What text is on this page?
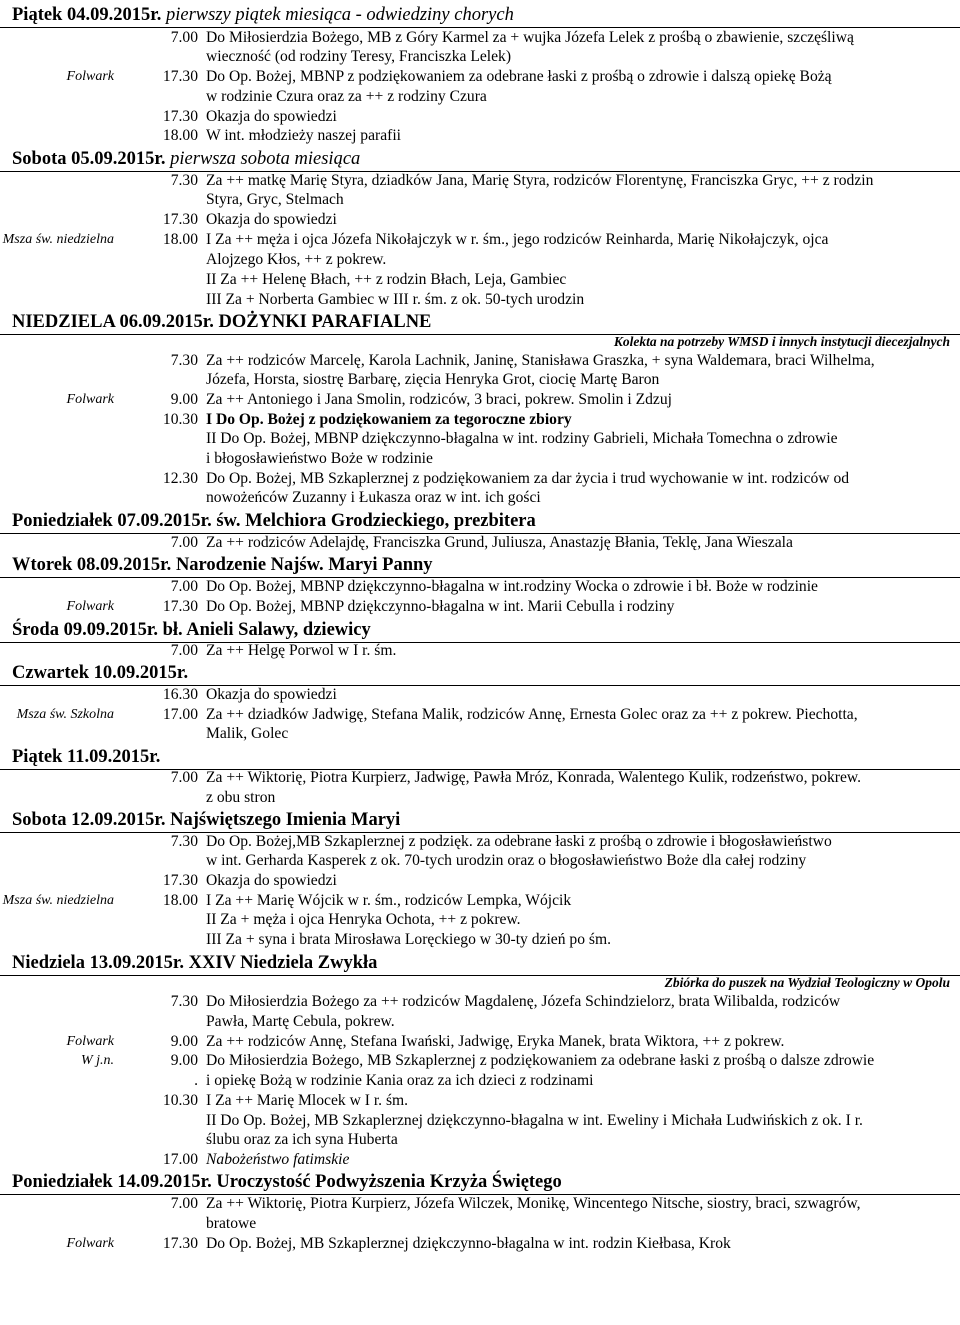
Piątek 04.09.2015r. pierwszy piątek miesiąca - odwiedziny chorych
7.00 Do Miłosierdzia Bożego, MB z Góry Karmel za + wujka Józefa Lelek z prośbą o zbawienie, szczęśliwą
wieczność (od rodziny Teresy, Franciszka Lelek)
Folwark	17.30 Do Op. Bożej, MBNP z podziękowaniem za odebrane łaski z prośbą o zdrowie i dalszą opiekę Bożą
w rodzinie Czura oraz za ++ z rodziny Czura
17.30 Okazja do spowiedzi
18.00 W int. młodzieży naszej parafii
Sobota 05.09.2015r. pierwsza sobota miesiąca
7.30 Za ++ matkę Marię Styra, dziadków Jana, Marię Styra, rodziców Florentynę, Franciszka Gryc, ++ z rodzin
Styra, Gryc, Stelmach
17.30 Okazja do spowiedzi
Msza św. niedzielna	18.00 I Za ++ męża i ojca Józefa Nikołajczyk w r. śm., jego rodziców Reinharda, Marię Nikołajczyk, ojca
Alojzego Kłos, ++ z pokrew.
II Za ++ Helenę Błach, ++ z rodzin Błach, Leja, Gambiec
III Za + Norberta Gambiec w III r. śm. z ok. 50-tych urodzin
NIEDZIELA 06.09.2015r. DOŻYNKI PARAFIALNE
Kolekta na potrzeby WMSD i innych instytucji diecezjalnych
7.30 Za ++ rodziców Marcelę, Karola Lachnik, Janinę, Stanisława Graszka, + syna Waldemara, braci Wilhelma,
Józefa, Horsta, siostrę Barbarę, zięcia Henryka Grot, ciocię Martę Baron
Folwark	9.00 Za ++ Antoniego i Jana Smolin, rodziców, 3 braci, pokrew. Smolin i Zdzuj
10.30 I Do Op. Bożej z podziękowaniem za tegoroczne zbiory
II Do Op. Bożej, MBNP dziękczynno-błagalna w int. rodziny Gabrieli, Michała Tomechna o zdrowie
i błogosławieństwo Boże w rodzinie
12.30 Do Op. Bożej, MB Szkaplerznej z podziękowaniem za dar życia i trud wychowanie w int. rodziców od
nowożeńców Zuzanny i Łukasza oraz w int. ich gości
Poniedziałek 07.09.2015r. św. Melchiora Grodzieckiego, prezbitera
7.00 Za ++ rodziców Adelajdę, Franciszka Grund, Juliusza, Anastazję Błania, Teklę, Jana Wieszala
Wtorek 08.09.2015r. Narodzenie Najśw. Maryi Panny
7.00 Do Op. Bożej, MBNP dziękczynno-błagalna w int.rodziny Wocka o zdrowie i bł. Boże w rodzinie
Folwark	17.30 Do Op. Bożej, MBNP dziękczynno-błagalna w int. Marii Cebulla i rodziny
Środa 09.09.2015r. bł. Anieli Salawy, dziewicy
7.00 Za ++ Helgę Porwol w I r. śm.
Czwartek 10.09.2015r.
16.30 Okazja do spowiedzi
Msza św. Szkolna	17.00 Za ++ dziadków Jadwigę, Stefana Malik, rodziców Annę, Ernesta Golec oraz za ++ z pokrew. Piechotta,
Malik, Golec
Piątek 11.09.2015r.
7.00 Za ++ Wiktorię, Piotra Kurpierz, Jadwigę, Pawła Mróz, Konrada, Walentego Kulik, rodzeństwo, pokrew.
z obu stron
Sobota 12.09.2015r. Najświętszego Imienia Maryi
7.30 Do Op. Bożej,MB Szkaplerznej z podzięk. za odebrane łaski z prośbą o zdrowie i błogosławieństwo
w int. Gerharda Kasperek z ok. 70-tych urodzin oraz o błogosławieństwo Boże dla całej rodziny
17.30 Okazja do spowiedzi
Msza św. niedzielna	18.00 I Za ++ Marię Wójcik w r. śm., rodziców Lempka, Wójcik
II Za + męża i ojca Henryka Ochota, ++ z pokrew.
III Za + syna i brata Mirosława Loręckiego w 30-ty dzień po śm.
Niedziela 13.09.2015r. XXIV Niedziela Zwykła
Zbiórka do puszek na Wydział Teologiczny w Opolu
7.30 Do Miłosierdzia Bożego za ++ rodziców Magdalenę, Józefa Schindzielorz, brata Wilibalda, rodziców
Pawła, Martę Cebula, pokrew.
Folwark	9.00 Za ++ rodziców Annę, Stefana Iwański, Jadwigę, Eryka Manek, brata Wiktora, ++ z pokrew.
W j.n.	9.00 Do Miłosierdzia Bożego, MB Szkaplerznej z podziękowaniem za odebrane łaski z prośbą o dalsze zdrowie
. i opiekę Bożą w rodzinie Kania oraz za ich dzieci z rodzinami
10.30 I Za ++ Marię Mlocek w I r. śm.
II Do Op. Bożej, MB Szkaplerznej dziękczynno-błagalna w int. Eweliny i Michała Ludwińskich z ok. I r.
ślubu oraz za ich syna Huberta
17.00 Nabożeństwo fatimskie
Poniedziałek 14.09.2015r. Uroczystość Podwyższenia Krzyża Świętego
7.00 Za ++ Wiktorię, Piotra Kurpierz, Józefa Wilczek, Monikę, Wincentego Nitsche, siostry, braci, szwagrów,
bratowe
Folwark	17.30 Do Op. Bożej, MB Szkaplerznej dziękczynno-błagalna w int. rodzin Kiełbasa, Krok
